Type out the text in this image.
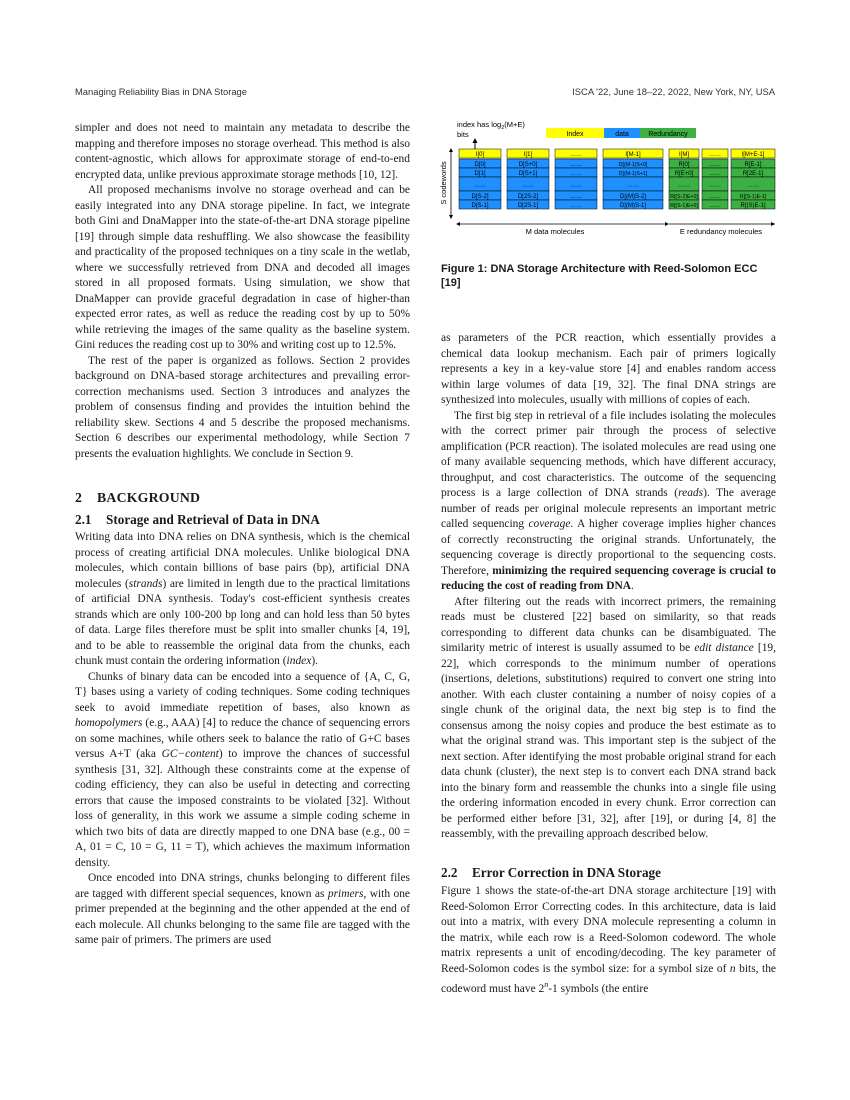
Managing Reliability Bias in DNA Storage	ISCA '22, June 18–22, 2022, New York, NY, USA

simpler and does not need to maintain any metadata to describe the mapping and therefore imposes no storage overhead. This method is also content-agnostic, which allows for approximate storage of end-to-end encrypted data, unlike previous approximate storage methods [10, 12].

All proposed mechanisms involve no storage overhead and can be easily integrated into any DNA storage pipeline. In fact, we integrate both Gini and DnaMapper into the state-of-the-art DNA storage pipeline [19] through simple data reshuffling. We also showcase the feasibility and practicality of the proposed techniques on a tiny scale in the wetlab, where we successfully retrieved from DNA and decoded all images stored in all proposed formats. Using simulation, we show that DnaMapper can provide graceful degradation in case of higher-than expected error rates, as well as reduce the reading cost by up to 50% while retrieving the images of the same quality as the baseline system. Gini reduces the reading cost up to 30% and writing cost up to 12.5%.

The rest of the paper is organized as follows. Section 2 provides background on DNA-based storage architectures and prevailing error-correction mechanisms used. Section 3 introduces and analyzes the problem of consensus finding and provides the intuition behind the reliability skew. Sections 4 and 5 describe the proposed mechanisms. Section 6 describes our experimental methodology, while Section 7 presents the evaluation highlights. We conclude in Section 9.

2 BACKGROUND
2.1 Storage and Retrieval of Data in DNA

Writing data into DNA relies on DNA synthesis, which is the chemical process of creating artificial DNA molecules. Unlike biological DNA molecules, which contain billions of base pairs (bp), artificial DNA molecules (strands) are limited in length due to the practical limitations of artificial DNA synthesis. Today's cost-efficient synthesis creates strands which are only 100-200 bp long and can hold less than 50 bytes of data. Large files therefore must be split into smaller chunks [4, 19], and to be able to reassemble the original data from the chunks, each chunk must contain the ordering information (index).

Chunks of binary data can be encoded into a sequence of {A, C, G, T} bases using a variety of coding techniques. Some coding techniques seek to avoid immediate repetition of bases, also known as homopolymers (e.g., AAA) [4] to reduce the chance of sequencing errors on some machines, while others seek to balance the ratio of G+C bases versus A+T (aka GC−content) to improve the chances of successful synthesis [31, 32]. Although these constraints come at the expense of coding efficiency, they can also be useful in detecting and correcting errors that cause the imposed constraints to be violated [32]. Without loss of generality, in this work we assume a simple coding scheme in which two bits of data are directly mapped to one DNA base (e.g., 00 = A, 01 = C, 10 = G, 11 = T), which achieves the maximum information density.

Once encoded into DNA strings, chunks belonging to different files are tagged with different special sequences, known as primers, with one primer prepended at the beginning and the other appended at the end of each molecule. All chunks belonging to the same file are tagged with the same pair of primers. The primers are used

index has $\log_2(M+E)$
bits	Index	data	Redundancy
I[0]	I[1]	……	I[M-1]	I[M]	……	I[M+E-1]
D[0]	D[S+0]	……	D[(M-1)S+0]	R[0]	……	R[E-1]
D[1]	D[S+1]	……	D[(M-1)S+1]	R[E+0]	……	R[2E-1]
……	……	……	……	……	……	……
D[S-2]	D[2S-2]	……	D[(M)S-2]	R[(S-2)E+0] ……	R[(S-1)E-1]
D[S-1]	D[2S-1]	……	D[(M)S-1]	R[(S-1)E+0] ……	R[(S)E-1]
S codewords
M data molecules	E redundancy molecules
Figure 1: DNA Storage Architecture with Reed-Solomon ECC [19]

as parameters of the PCR reaction, which essentially provides a chemical data lookup mechanism. Each pair of primers logically represents a key in a key-value store [4] and enables random access within large volumes of data [19, 32]. The final DNA strings are synthesized into molecules, usually with millions of copies of each.

The first big step in retrieval of a file includes isolating the molecules with the correct primer pair through the process of selective amplification (PCR reaction). The isolated molecules are read using one of many available sequencing methods, which have different accuracy, throughput, and cost characteristics. The outcome of the sequencing process is a large collection of DNA strands (reads). The average number of reads per original molecule represents an important metric called sequencing coverage. A higher coverage implies higher chances of correctly reconstructing the original strands. Unfortunately, the sequencing coverage is directly proportional to the sequencing costs. Therefore, minimizing the required sequencing coverage is crucial to reducing the cost of reading from DNA.

After filtering out the reads with incorrect primers, the remaining reads must be clustered [22] based on similarity, so that reads corresponding to different data chunks can be disambiguated. The similarity metric of interest is usually assumed to be edit distance [19, 22], which corresponds to the minimum number of operations (insertions, deletions, substitutions) required to convert one string into another. With each cluster containing a number of noisy copies of a single chunk of the original data, the next big step is to find the consensus among the noisy copies and produce the best estimate as to what the original strand was. This important step is the subject of the next section. After identifying the most probable original strand for each data chunk (cluster), the next step is to convert each DNA strand back into the binary form and reassemble the chunks into a single file using the ordering information encoded in every chunk. Error correction can be performed either before [31, 32], after [19], or during [4, 8] the reassembly, with the prevailing approach described below.

2.2 Error Correction in DNA Storage

Figure 1 shows the state-of-the-art DNA storage architecture [19] with Reed-Solomon Error Correcting codes. In this architecture, data is laid out into a matrix, with every DNA molecule representing a column in the matrix, while each row is a Reed-Solomon codeword. The whole matrix represents a unit of encoding/decoding. The key parameter of Reed-Solomon codes is the symbol size: for a symbol size of n bits, the codeword must have 2$^n$-1 symbols (the entire
